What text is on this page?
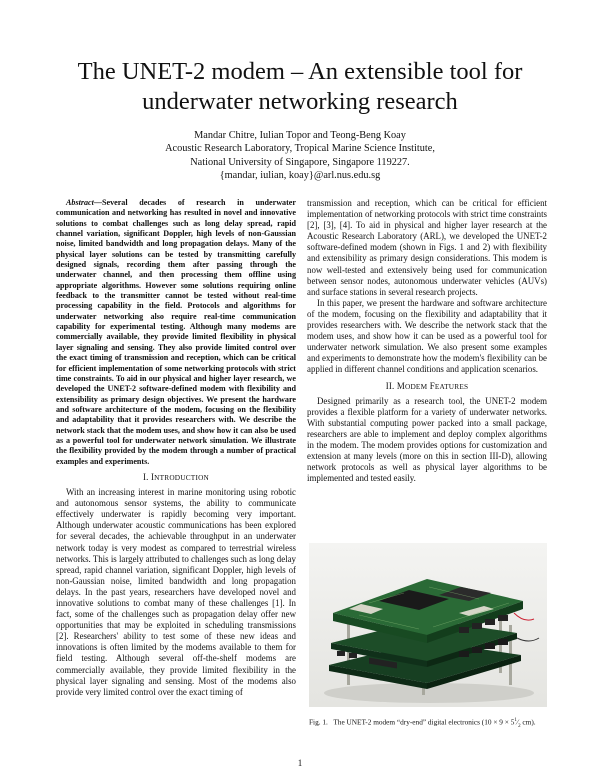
The UNET-2 modem – An extensible tool for
underwater networking research
Mandar Chitre, Iulian Topor and Teong-Beng Koay
Acoustic Research Laboratory, Tropical Marine Science Institute,
National University of Singapore, Singapore 119227.
{mandar, iulian, koay}@arl.nus.edu.sg

Abstract—Several decades of research in underwater communication and networking has resulted in novel and innovative solutions to combat challenges such as long delay spread, rapid channel variation, significant Doppler, high levels of non-Gaussian noise, limited bandwidth and long propagation delays. Many of the physical layer solutions can be tested by transmitting carefully designed signals, recording them after passing through the underwater channel, and then processing them offline using appropriate algorithms. However some solutions requiring online feedback to the transmitter cannot be tested without real-time processing capability in the field. Protocols and algorithms for underwater networking also require real-time communication capability for experimental testing. Although many modems are commercially available, they provide limited flexibility in physical layer signaling and sensing. They also provide limited control over the exact timing of transmission and reception, which can be critical for efficient implementation of some networking protocols with strict time constraints. To aid in our physical and higher layer research, we developed the UNET-2 software-defined modem with flexibility and extensibility as primary design objectives. We present the hardware and software architecture of the modem, focusing on the flexibility and adaptability that it provides researchers with. We describe the network stack that the modem uses, and show how it can also be used as a powerful tool for underwater network simulation. We illustrate the flexibility provided by the modem through a number of practical examples and experiments.

I. INTRODUCTION

With an increasing interest in marine monitoring using robotic and autonomous sensor systems, the ability to communicate effectively underwater is rapidly becoming very important. Although underwater acoustic communications has been explored for several decades, the achievable throughput in an underwater network today is very modest as compared to terrestrial wireless networks. This is largely attributed to challenges such as long delay spread, rapid channel variation, significant Doppler, high levels of non-Gaussian noise, limited bandwidth and long propagation delays. In the past years, researchers have developed novel and innovative solutions to combat many of these challenges [1]. In fact, some of the challenges such as propagation delay offer new opportunities that may be exploited in scheduling transmissions [2]. Researchers' ability to test some of these new ideas and innovations is often limited by the modems available to them for field testing. Although several off-the-shelf modems are commercially available, they provide limited flexibility in the physical layer signaling and sensing. Most of the modems also provide very limited control over the exact timing of

transmission and reception, which can be critical for efficient implementation of networking protocols with strict time constraints [2], [3], [4]. To aid in physical and higher layer research at the Acoustic Research Laboratory (ARL), we developed the UNET-2 software-defined modem (shown in Figs. 1 and 2) with flexibility and extensibility as primary design considerations. This modem is now well-tested and extensively being used for communication between sensor nodes, autonomous underwater vehicles (AUVs) and surface stations in several research projects.

In this paper, we present the hardware and software architecture of the modem, focusing on the flexibility and adaptability that it provides researchers with. We describe the network stack that the modem uses, and show how it can be used as a powerful tool for underwater network simulation. We also present some examples and experiments to demonstrate how the modem's flexibility can be applied in different channel conditions and application scenarios.

II. MODEM FEATURES

Designed primarily as a research tool, the UNET-2 modem provides a flexible platform for a variety of underwater networks. With substantial computing power packed into a small package, researchers are able to implement and deploy complex algorithms in the modem. The modem provides options for customization and extension at many levels (more on this in section III-D), allowing network protocols as well as physical layer algorithms to be implemented and tested easily.

Fig. 1. The UNET-2 modem “dry-end” digital electronics ($10 \times 9 \times 5^1⁄_2$ cm).
1
